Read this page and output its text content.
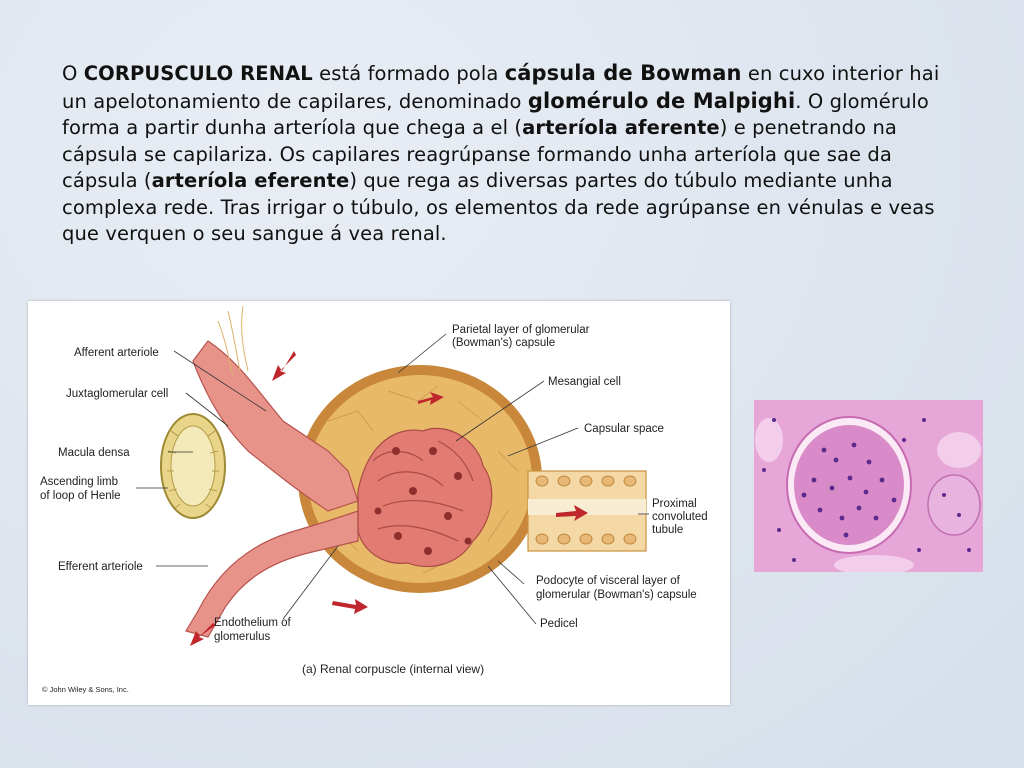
O CORPUSCULO RENAL está formado pola cápsula de Bowman en cuxo interior hai un apelotonamiento de capilares, denominado glomérulo de Malpighi. O glomérulo forma a partir dunha arteríola que chega a el (arteríola aferente) e penetrando na cápsula se capilariza. Os capilares reagrúpanse formando unha arteríola que sae da cápsula (arteríola eferente) que rega as diversas partes do túbulo mediante unha complexa rede. Tras irrigar o túbulo, os elementos da rede agrúpanse en vénulas e veas que verquen o seu sangue á vea renal.
Afferent arteriole
Juxtaglomerular cell
Macula densa
Ascending limb of loop of Henle
Efferent arteriole
Parietal layer of glomerular (Bowman's) capsule
Mesangial cell
Capsular space
Proximal convoluted tubule
Podocyte of visceral layer of glomerular (Bowman's) capsule
Pedicel
Endothelium of glomerulus
(a) Renal corpuscle (internal view)
© John Wiley & Sons, Inc.
